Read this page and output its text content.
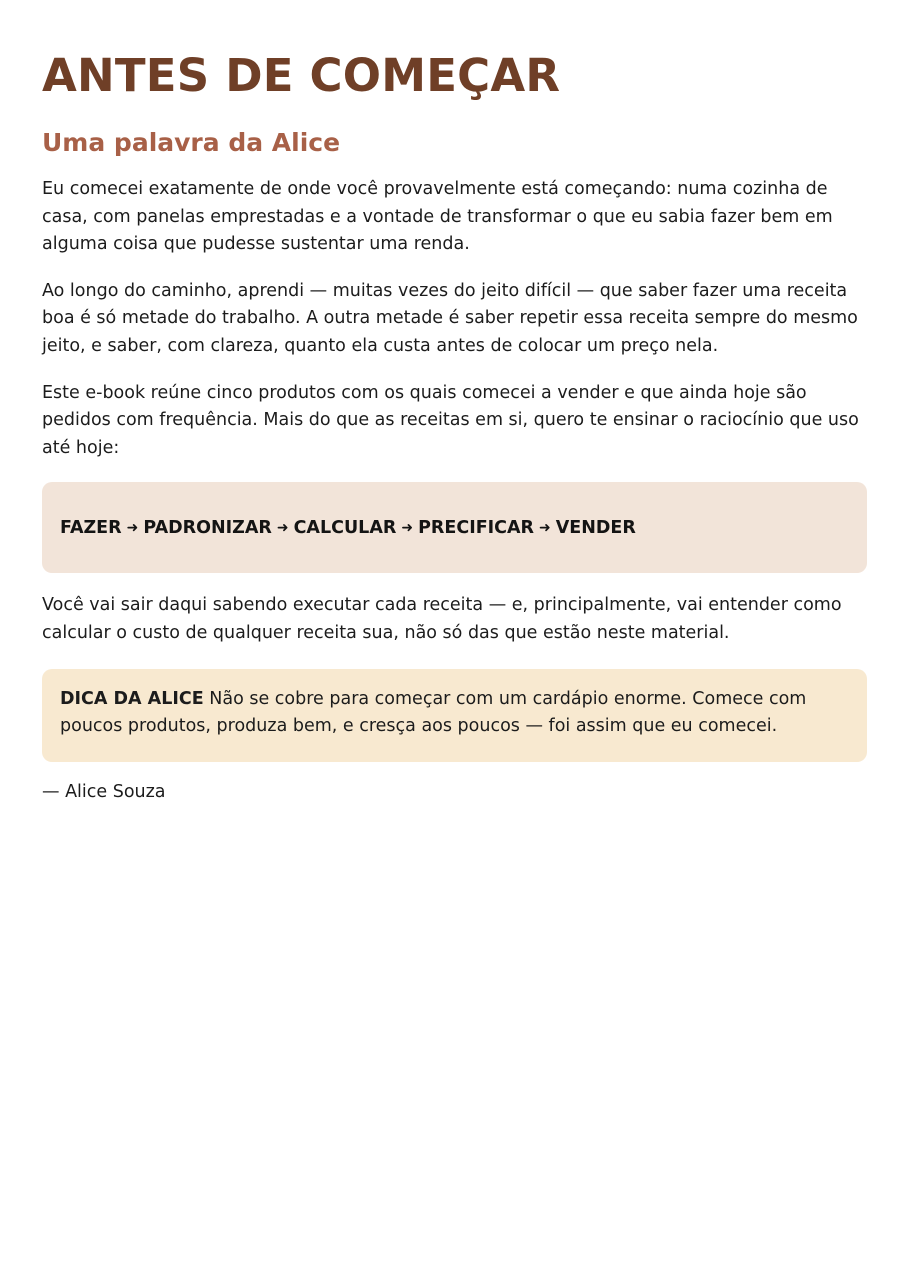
ANTES DE COMEÇAR
Uma palavra da Alice

Eu comecei exatamente de onde você provavelmente está começando: numa cozinha de casa, com panelas emprestadas e a vontade de transformar o que eu sabia fazer bem em alguma coisa que pudesse sustentar uma renda.

Ao longo do caminho, aprendi — muitas vezes do jeito difícil — que saber fazer uma receita boa é só metade do trabalho. A outra metade é saber repetir essa receita sempre do mesmo jeito, e saber, com clareza, quanto ela custa antes de colocar um preço nela.

Este e-book reúne cinco produtos com os quais comecei a vender e que ainda hoje são pedidos com frequência. Mais do que as receitas em si, quero te ensinar o raciocínio que uso até hoje:

FAZER ➜ PADRONIZAR ➜ CALCULAR ➜ PRECIFICAR ➜ VENDER

Você vai sair daqui sabendo executar cada receita — e, principalmente, vai entender como calcular o custo de qualquer receita sua, não só das que estão neste material.

DICA DA ALICE Não se cobre para começar com um cardápio enorme. Comece com poucos produtos, produza bem, e cresça aos poucos — foi assim que eu comecei.

— Alice Souza
